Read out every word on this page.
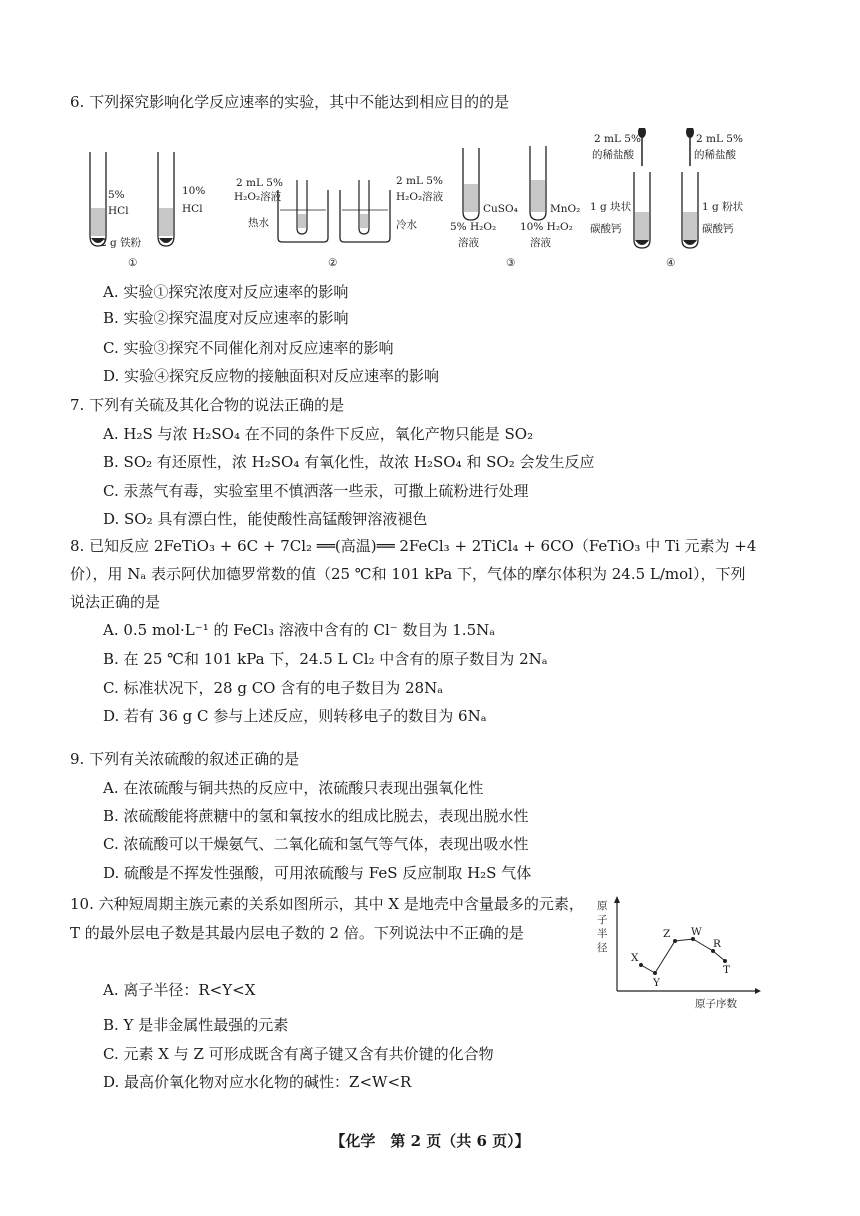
6. 下列探究影响化学反应速率的实验，其中不能达到相应目的的是
5%
HCl
10%
HCl
2 g 铁粉
①
2 mL 5%
H₂O₂溶液
2 mL 5%
H₂O₂溶液
热水	冷水
②
CuSO₄	MnO₂
5% H₂O₂
溶液
10% H₂O₂
溶液
③
2 mL 5%
的稀盐酸
2 mL 5%
的稀盐酸
1 g 块状
碳酸钙
1 g 粉状
碳酸钙
④
A. 实验①探究浓度对反应速率的影响
B. 实验②探究温度对反应速率的影响
C. 实验③探究不同催化剂对反应速率的影响
D. 实验④探究反应物的接触面积对反应速率的影响
7. 下列有关硫及其化合物的说法正确的是
A. H₂S 与浓 H₂SO₄ 在不同的条件下反应，氧化产物只能是 SO₂
B. SO₂ 有还原性，浓 H₂SO₄ 有氧化性，故浓 H₂SO₄ 和 SO₂ 会发生反应
C. 汞蒸气有毒，实验室里不慎洒落一些汞，可撒上硫粉进行处理
D. SO₂ 具有漂白性，能使酸性高锰酸钾溶液褪色
8. 已知反应 2FeTiO₃ + 6C + 7Cl₂ ══(高温)══ 2FeCl₃ + 2TiCl₄ + 6CO（FeTiO₃ 中 Ti 元素为 +4 价），用 Nₐ 表示阿伏加德罗常数的值（25 ℃和 101 kPa 下，气体的摩尔体积为 24.5 L/mol），下列说法正确的是
A. 0.5 mol·L⁻¹ 的 FeCl₃ 溶液中含有的 Cl⁻ 数目为 1.5Nₐ
B. 在 25 ℃和 101 kPa 下，24.5 L Cl₂ 中含有的原子数目为 2Nₐ
C. 标准状况下，28 g CO 含有的电子数目为 28Nₐ
D. 若有 36 g C 参与上述反应，则转移电子的数目为 6Nₐ
9. 下列有关浓硫酸的叙述正确的是
A. 在浓硫酸与铜共热的反应中，浓硫酸只表现出强氧化性
B. 浓硫酸能将蔗糖中的氢和氧按水的组成比脱去，表现出脱水性
C. 浓硫酸可以干燥氨气、二氧化硫和氢气等气体，表现出吸水性
D. 硫酸是不挥发性强酸，可用浓硫酸与 FeS 反应制取 H₂S 气体
10. 六种短周期主族元素的关系如图所示，其中 X 是地壳中含量最多的元素，T 的最外层电子数是其最内层电子数的 2 倍。下列说法中不正确的是
原
子
半
径
X
Y
Z W
R
T
原子序数
A. 离子半径：R<Y<X
B. Y 是非金属性最强的元素
C. 元素 X 与 Z 可形成既含有离子键又含有共价键的化合物
D. 最高价氧化物对应水化物的碱性：Z<W<R
【化学　第 2 页（共 6 页）】
